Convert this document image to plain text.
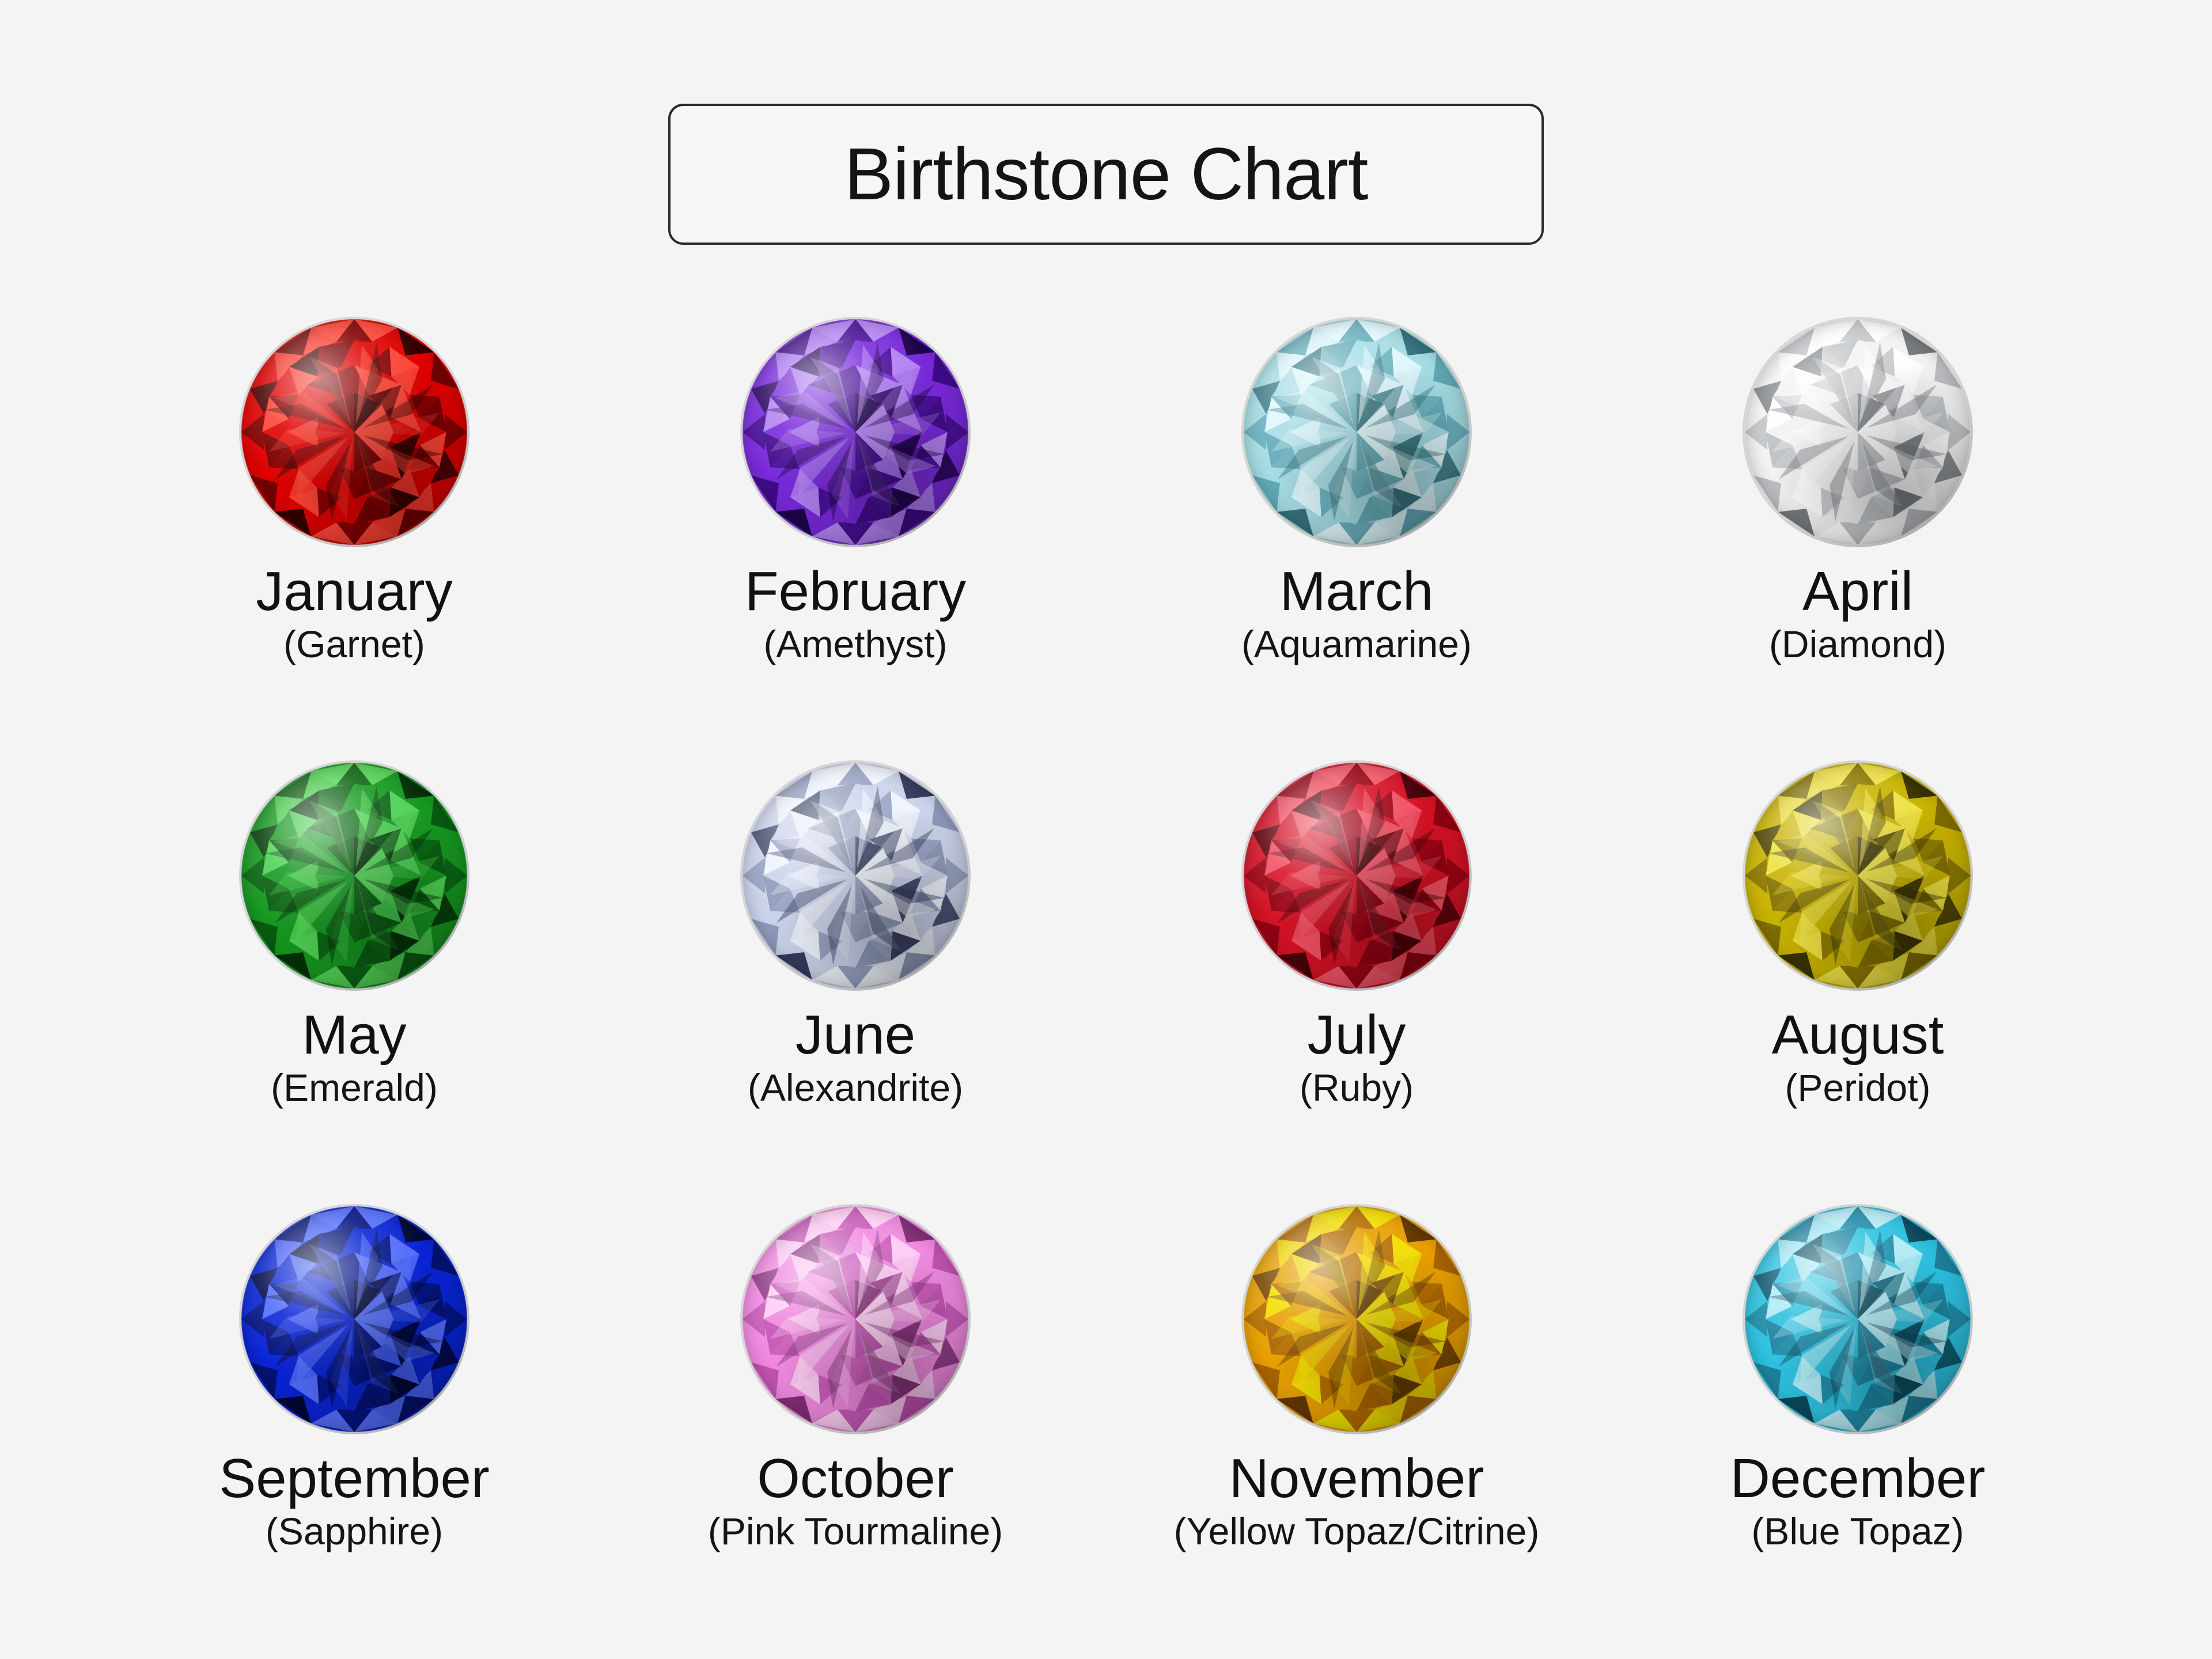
Birthstone Chart
January
(Garnet)
February
(Amethyst)
March
(Aquamarine)
April
(Diamond)
May
(Emerald)
June
(Alexandrite)
July
(Ruby)
August
(Peridot)
September
(Sapphire)
October
(Pink Tourmaline)
November
(Yellow Topaz/Citrine)
December
(Blue Topaz)
